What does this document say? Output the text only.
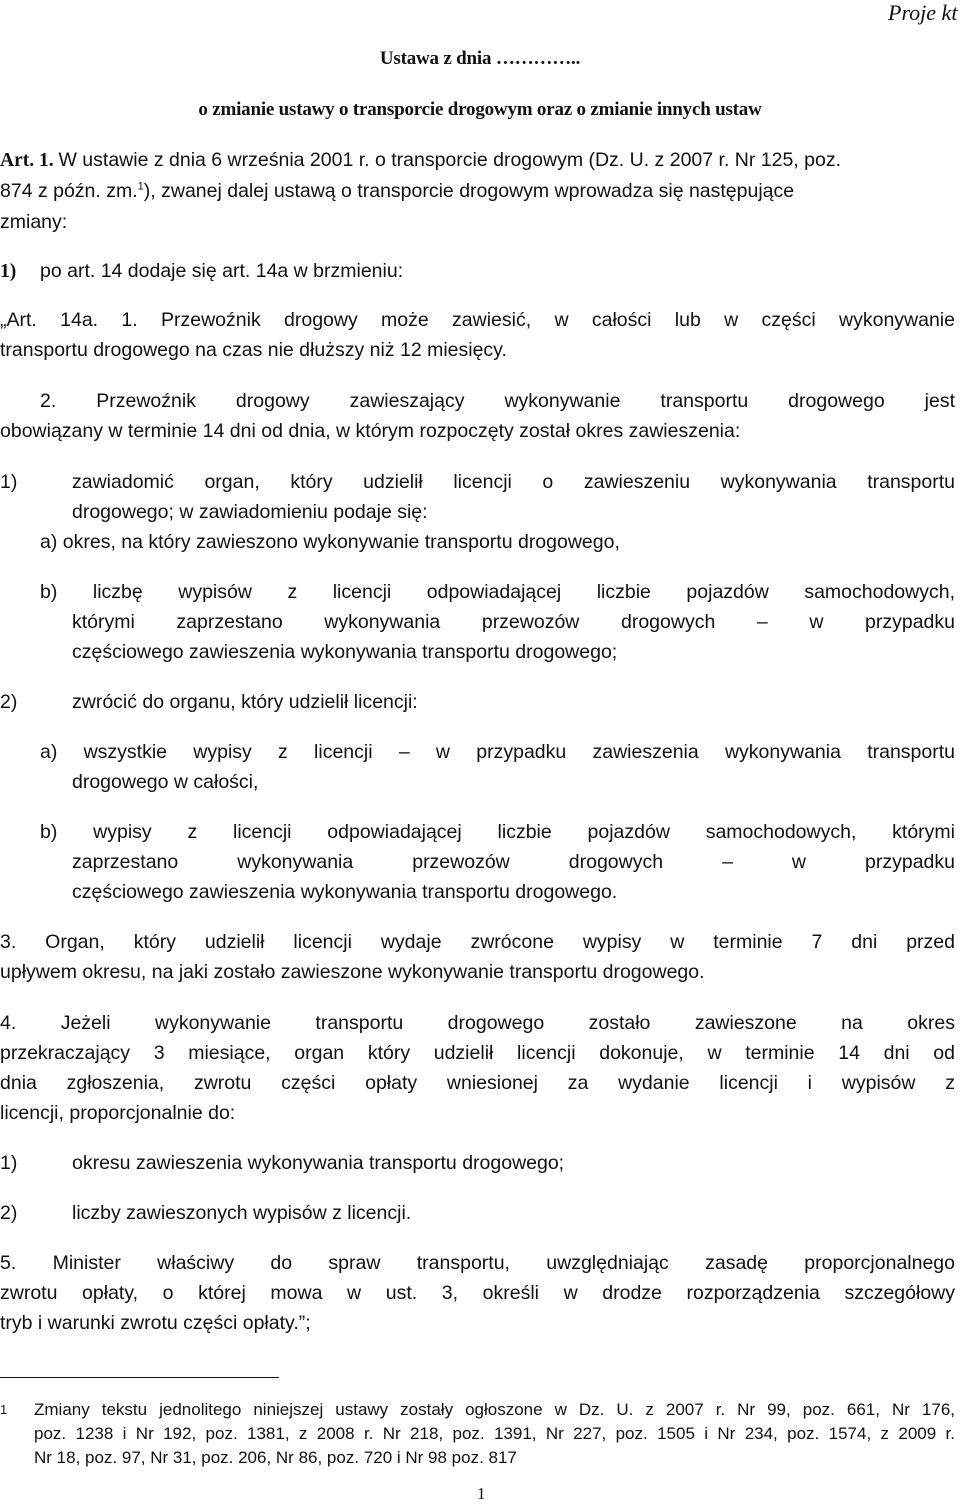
Proje kt
Ustawa z dnia …………..
o zmianie ustawy o transporcie drogowym oraz o zmianie innych ustaw
Art. 1. W ustawie z dnia 6 września 2001 r. o transporcie drogowym (Dz. U. z 2007 r. Nr 125, poz.
874 z późn. zm.$^1$), zwanej dalej ustawą o transporcie drogowym wprowadza się następujące
zmiany:
1) po art. 14 dodaje się art. 14a w brzmieniu:
„Art. 14a. 1. Przewoźnik drogowy może zawiesić, w całości lub w części wykonywanie
transportu drogowego na czas nie dłuższy niż 12 miesięcy.
2. Przewoźnik drogowy zawieszający wykonywanie transportu drogowego jest
obowiązany w terminie 14 dni od dnia, w którym rozpoczęty został okres zawieszenia:
1)	zawiadomić organ, który udzielił licencji o zawieszeniu wykonywania transportu
drogowego; w zawiadomieniu podaje się:
a) okres, na który zawieszono wykonywanie transportu drogowego,
b) liczbę wypisów z licencji odpowiadającej liczbie pojazdów samochodowych,
którymi zaprzestano wykonywania przewozów drogowych – w przypadku
częściowego zawieszenia wykonywania transportu drogowego;
2)	zwrócić do organu, który udzielił licencji:
a) wszystkie wypisy z licencji – w przypadku zawieszenia wykonywania transportu
drogowego w całości,
b) wypisy z licencji odpowiadającej liczbie pojazdów samochodowych, którymi
zaprzestano wykonywania przewozów drogowych – w przypadku
częściowego zawieszenia wykonywania transportu drogowego.
3. Organ, który udzielił licencji wydaje zwrócone wypisy w terminie 7 dni przed
upływem okresu, na jaki zostało zawieszone wykonywanie transportu drogowego.
4. Jeżeli wykonywanie transportu drogowego zostało zawieszone na okres
przekraczający 3 miesiące, organ który udzielił licencji dokonuje, w terminie 14 dni od
dnia zgłoszenia, zwrotu części opłaty wniesionej za wydanie licencji i wypisów z
licencji, proporcjonalnie do:
1)	okresu zawieszenia wykonywania transportu drogowego;
2)	liczby zawieszonych wypisów z licencji.
5. Minister właściwy do spraw transportu, uwzględniając zasadę proporcjonalnego
zwrotu opłaty, o której mowa w ust. 3, określi w drodze rozporządzenia szczegółowy
tryb i warunki zwrotu części opłaty.”;
1 Zmiany tekstu jednolitego niniejszej ustawy zostały ogłoszone w Dz. U. z 2007 r. Nr 99, poz. 661, Nr 176,
poz. 1238 i Nr 192, poz. 1381, z 2008 r. Nr 218, poz. 1391, Nr 227, poz. 1505 i Nr 234, poz. 1574, z 2009 r.
Nr 18, poz. 97, Nr 31, poz. 206, Nr 86, poz. 720 i Nr 98 poz. 817
1
